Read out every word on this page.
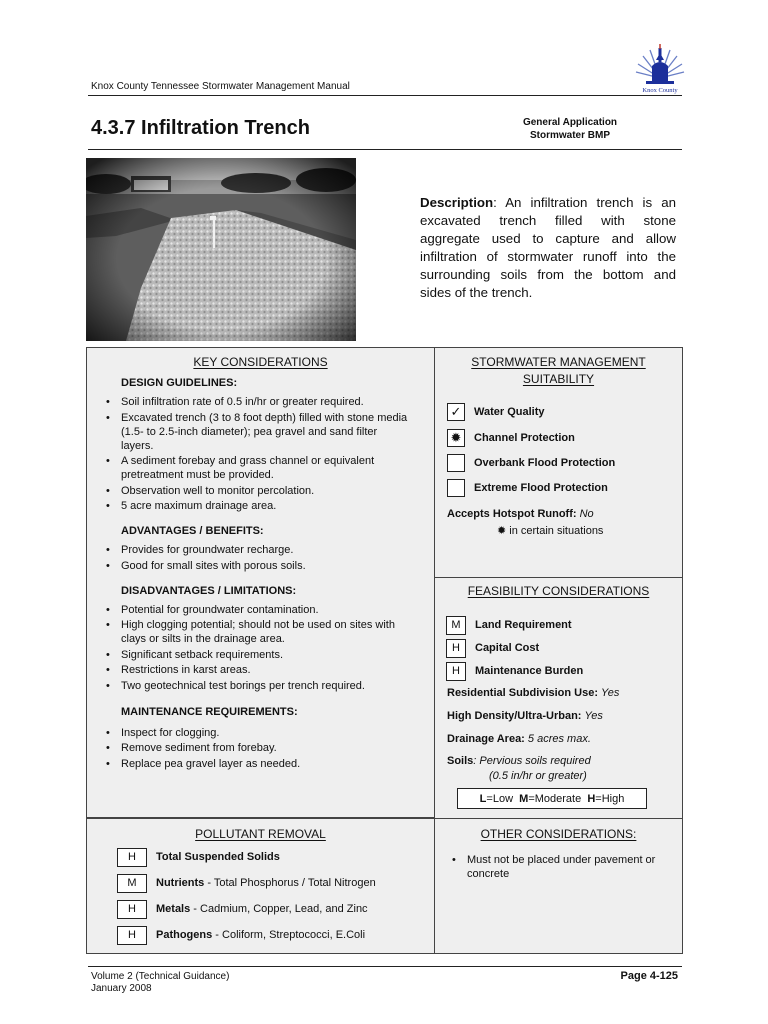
Knox County Tennessee Stormwater Management Manual	Knox County
4.3.7 Infiltration Trench	General Application
Stormwater BMP
Description: An infiltration trench is an excavated trench filled with stone aggregate used to capture and allow infiltration of stormwater runoff into the surrounding soils from the bottom and sides of the trench.
KEY CONSIDERATIONS
DESIGN GUIDELINES:
• Soil infiltration rate of 0.5 in/hr or greater required.
• Excavated trench (3 to 8 foot depth) filled with stone media (1.5- to 2.5-inch diameter); pea gravel and sand filter layers.
• A sediment forebay and grass channel or equivalent pretreatment must be provided.
• Observation well to monitor percolation.
• 5 acre maximum drainage area.
ADVANTAGES / BENEFITS:
• Provides for groundwater recharge.
• Good for small sites with porous soils.
DISADVANTAGES / LIMITATIONS:
• Potential for groundwater contamination.
• High clogging potential; should not be used on sites with clays or silts in the drainage area.
• Significant setback requirements.
• Restrictions in karst areas.
• Two geotechnical test borings per trench required.
MAINTENANCE REQUIREMENTS:
• Inspect for clogging.
• Remove sediment from forebay.
• Replace pea gravel layer as needed.
STORMWATER MANAGEMENT
SUITABILITY
✓	Water Quality
✹	Channel Protection
Overbank Flood Protection
Extreme Flood Protection
Accepts Hotspot Runoff: No
✹ in certain situations
FEASIBILITY CONSIDERATIONS
M	Land Requirement
H	Capital Cost
H	Maintenance Burden
Residential Subdivision Use: Yes
High Density/Ultra-Urban: Yes
Drainage Area: 5 acres max.
Soils: Pervious soils required
(0.5 in/hr or greater)
L =Low
M =Moderate
H =High
POLLUTANT REMOVAL
H	Total Suspended Solids
M	Nutrients - Total Phosphorus / Total Nitrogen
H	Metals - Cadmium, Copper, Lead, and Zinc
H	Pathogens - Coliform, Streptococci, E.Coli
OTHER CONSIDERATIONS:
• Must not be placed under pavement or concrete
Volume 2 (Technical Guidance)
January 2008
Page 4-125
